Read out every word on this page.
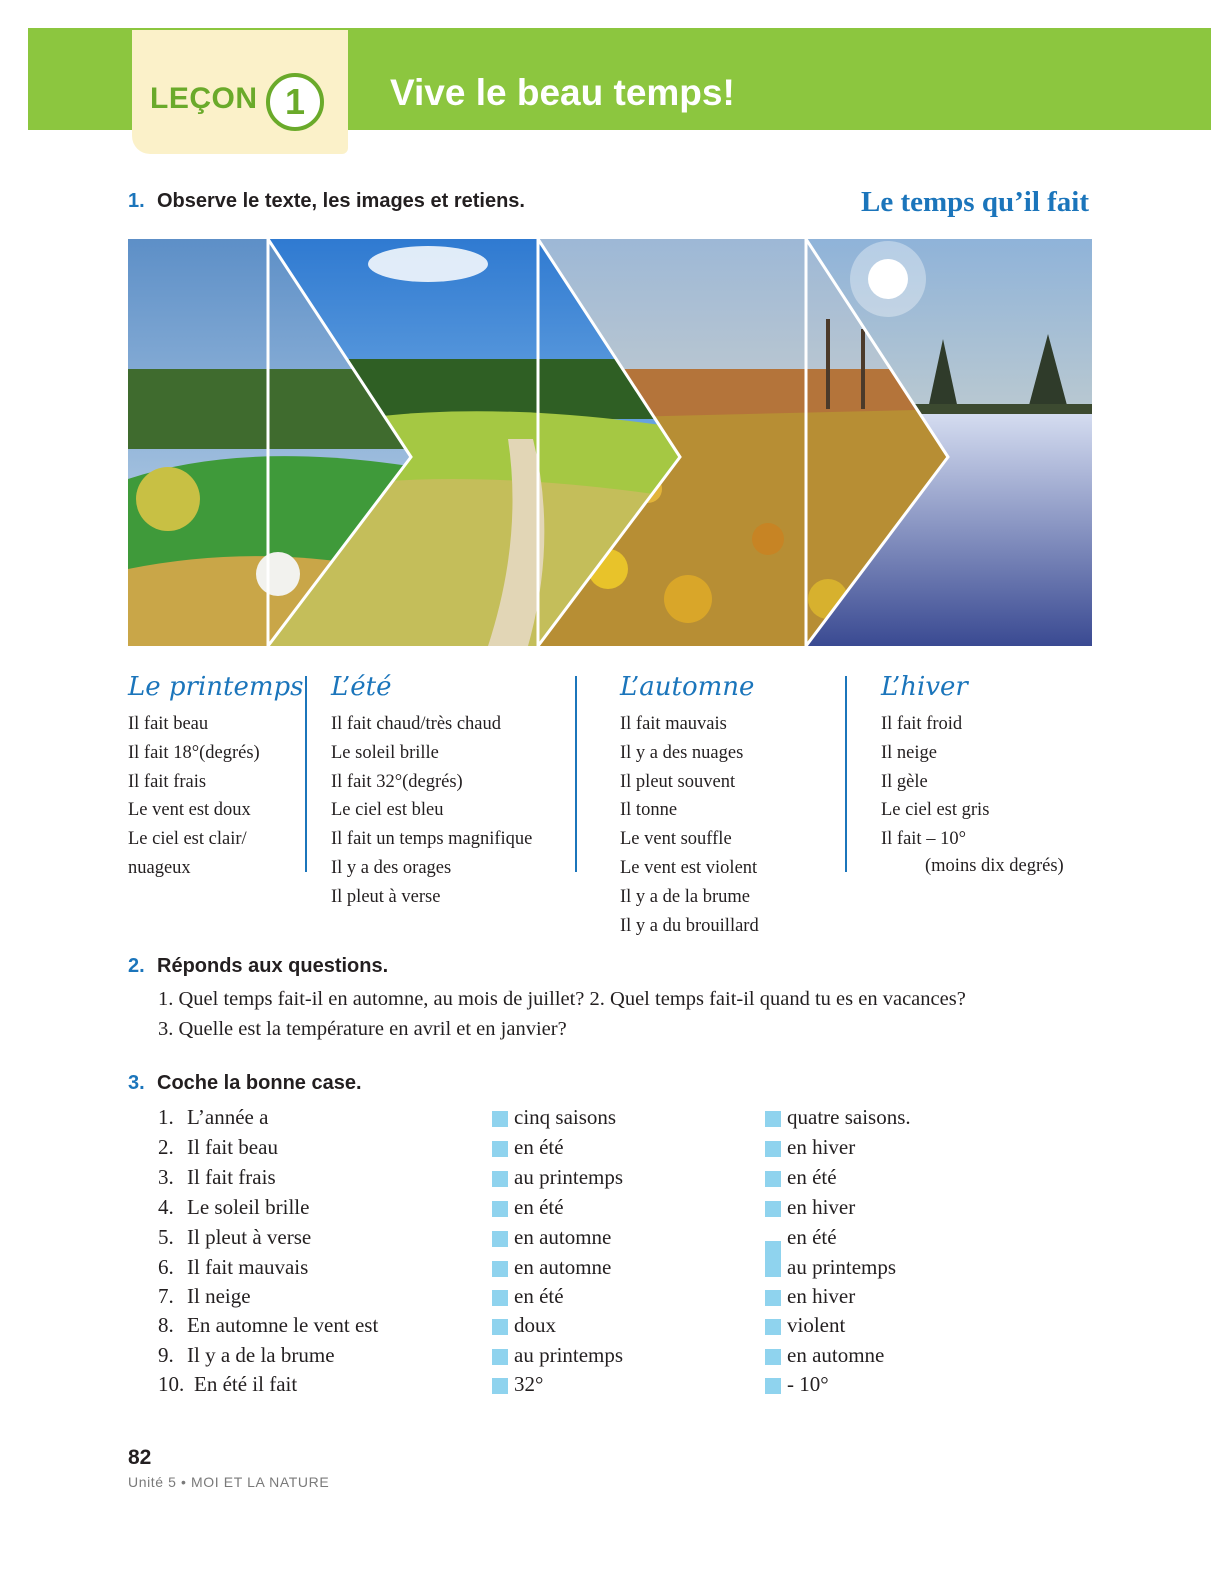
LEÇON 1	Vive le beau temps!
1. Observe le texte, les images et retiens.	Le temps qu’il fait
Le printemps
Il fait beau
Il fait 18°(degrés)
Il fait frais
Le vent est doux
Le ciel est clair/
nuageux
L’été
Il fait chaud/très chaud
Le soleil brille
Il fait 32°(degrés)
Le ciel est bleu
Il fait un temps magnifique
Il y a des orages
Il pleut à verse
L’automne
Il fait mauvais
Il y a des nuages
Il pleut souvent
Il tonne
Le vent souffle
Le vent est violent
Il y a de la brume
Il y a du brouillard
L’hiver
Il fait froid
Il neige
Il gèle
Le ciel est gris
Il fait – 10°
(moins dix degrés)
2. Réponds aux questions.
1. Quel temps fait-il en automne, au mois de juillet? 2. Quel temps fait-il quand tu es en vacances?
3. Quelle est la température en avril et en janvier?
3. Coche la bonne case.
1. L’année a	cinq saisons	quatre saisons.
2. Il fait beau	en été	en hiver
3. Il fait frais	au printemps	en été
4. Le soleil brille	en été	en hiver
5. Il pleut à verse	en automne	en été
6. Il fait mauvais	en automne	au printemps
7. Il neige	en été	en hiver
8. En automne le vent est	doux	violent
9. Il y a de la brume	au printemps	en automne
10. En été il fait	32°	- 10°
82
Unité 5 • MOI ET LA NATURE
